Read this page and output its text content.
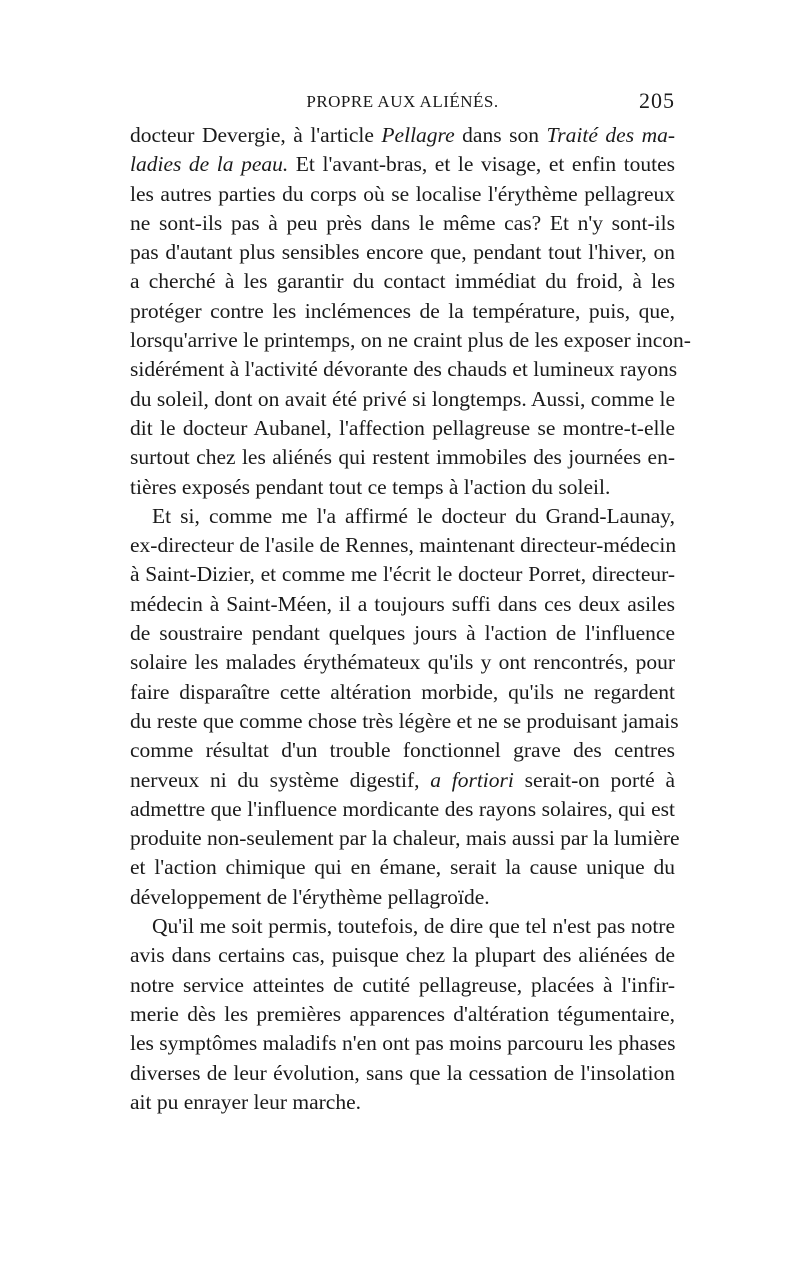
PROPRE AUX ALIÉNÉS.	205
docteur Devergie, à l'article Pellagre dans son Traité des ma-
ladies de la peau. Et l'avant-bras, et le visage, et enfin toutes
les autres parties du corps où se localise l'érythème pellagreux
ne sont-ils pas à peu près dans le même cas? Et n'y sont-ils
pas d'autant plus sensibles encore que, pendant tout l'hiver, on
a cherché à les garantir du contact immédiat du froid, à les
protéger contre les inclémences de la température, puis, que,
lorsqu'arrive le printemps, on ne craint plus de les exposer incon-
sidérément à l'activité dévorante des chauds et lumineux rayons
du soleil, dont on avait été privé si longtemps. Aussi, comme le
dit le docteur Aubanel, l'affection pellagreuse se montre-t-elle
surtout chez les aliénés qui restent immobiles des journées en-
tières exposés pendant tout ce temps à l'action du soleil.
Et si, comme me l'a affirmé le docteur du Grand-Launay,
ex-directeur de l'asile de Rennes, maintenant directeur-médecin
à Saint-Dizier, et comme me l'écrit le docteur Porret, directeur-
médecin à Saint-Méen, il a toujours suffi dans ces deux asiles
de soustraire pendant quelques jours à l'action de l'influence
solaire les malades érythémateux qu'ils y ont rencontrés, pour
faire disparaître cette altération morbide, qu'ils ne regardent
du reste que comme chose très légère et ne se produisant jamais
comme résultat d'un trouble fonctionnel grave des centres
nerveux ni du système digestif, a fortiori serait-on porté à
admettre que l'influence mordicante des rayons solaires, qui est
produite non-seulement par la chaleur, mais aussi par la lumière
et l'action chimique qui en émane, serait la cause unique du
développement de l'érythème pellagroïde.
Qu'il me soit permis, toutefois, de dire que tel n'est pas notre
avis dans certains cas, puisque chez la plupart des aliénées de
notre service atteintes de cutité pellagreuse, placées à l'infir-
merie dès les premières apparences d'altération tégumentaire,
les symptômes maladifs n'en ont pas moins parcouru les phases
diverses de leur évolution, sans que la cessation de l'insolation
ait pu enrayer leur marche.
